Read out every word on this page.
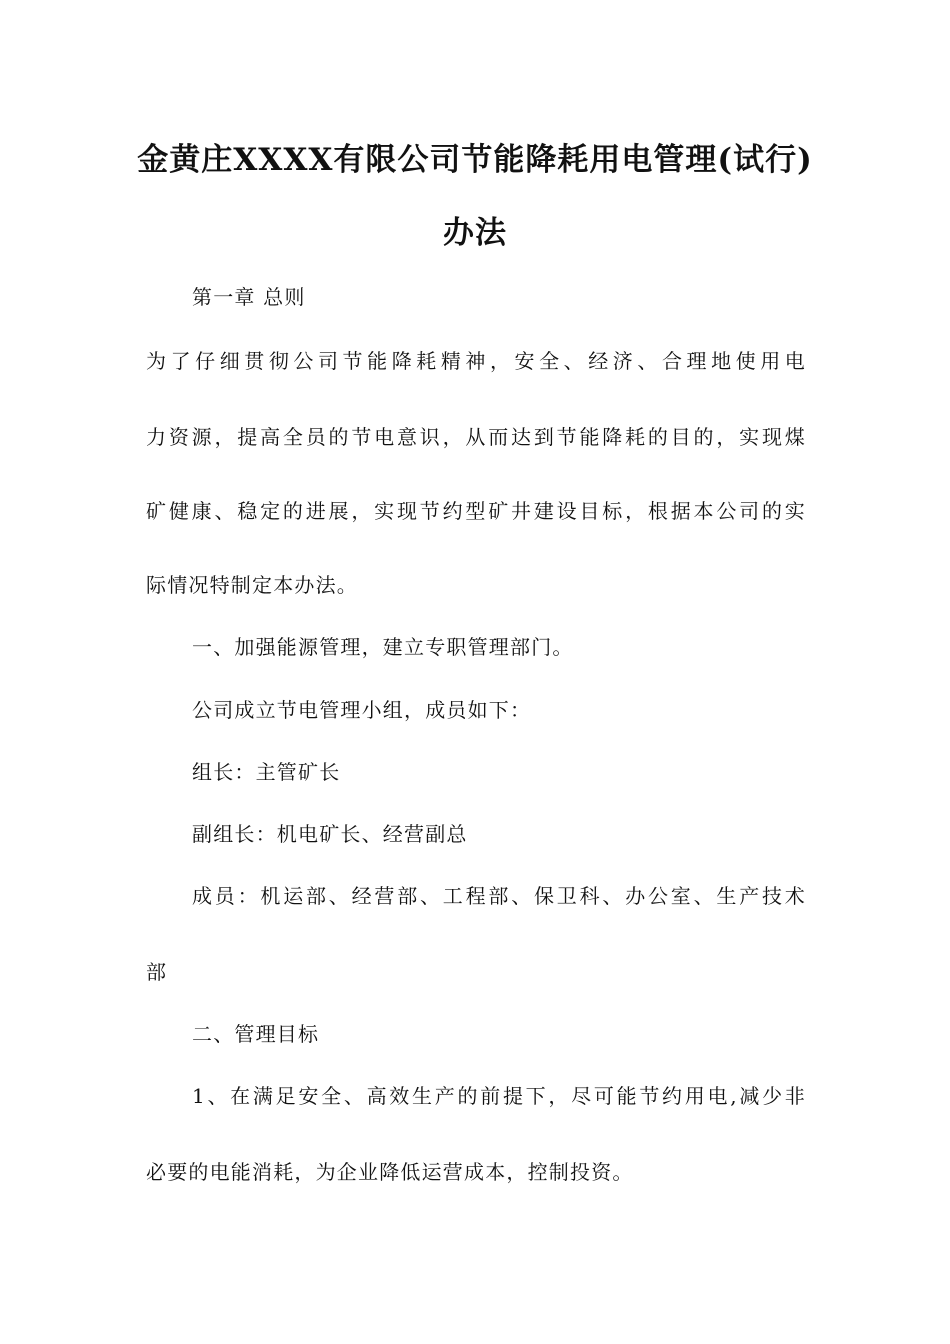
金黄庄XXXX有限公司节能降耗用电管理(试行)
办法
第一章 总则
为了仔细贯彻公司节能降耗精神，安全、经济、合理地使用电
力资源，提高全员的节电意识，从而达到节能降耗的目的，实现煤
矿健康、稳定的进展，实现节约型矿井建设目标，根据本公司的实
际情况特制定本办法。
一、加强能源管理，建立专职管理部门。
公司成立节电管理小组，成员如下：
组长：主管矿长
副组长：机电矿长、经营副总
成员：机运部、经营部、工程部、保卫科、办公室、生产技术
部
二、管理目标
1、在满足安全、高效生产的前提下，尽可能节约用电,减少非
必要的电能消耗，为企业降低运营成本，控制投资。
